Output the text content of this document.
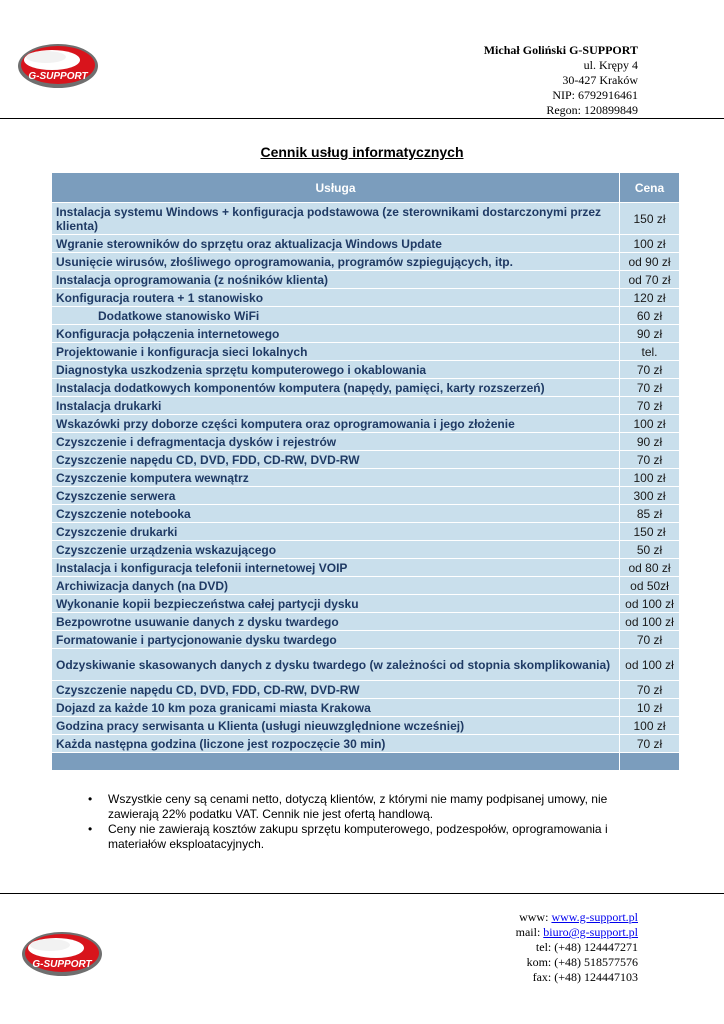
G-SUPPORT
Michał Goliński G-SUPPORT
ul. Krępy 4
30-427 Kraków
NIP: 6792916461
Regon: 120899849
Cennik usług informatycznych
Usługa	Cena
Instalacja systemu Windows + konfiguracja podstawowa (ze sterownikami dostarczonymi przez klienta)	150 zł
Wgranie sterowników do sprzętu oraz aktualizacja Windows Update	100 zł
Usunięcie wirusów, złośliwego oprogramowania, programów szpiegujących, itp.	od 90 zł
Instalacja oprogramowania (z nośników klienta)	od 70 zł
Konfiguracja routera + 1 stanowisko	120 zł
Dodatkowe stanowisko WiFi	60 zł
Konfiguracja połączenia internetowego	90 zł
Projektowanie i konfiguracja sieci lokalnych	tel.
Diagnostyka uszkodzenia sprzętu komputerowego i okablowania	70 zł
Instalacja dodatkowych komponentów komputera (napędy, pamięci, karty rozszerzeń)	70 zł
Instalacja drukarki	70 zł
Wskazówki przy doborze części komputera oraz oprogramowania i jego złożenie	100 zł
Czyszczenie i defragmentacja dysków i rejestrów	90 zł
Czyszczenie napędu CD, DVD, FDD, CD-RW, DVD-RW	70 zł
Czyszczenie komputera wewnątrz	100 zł
Czyszczenie serwera	300 zł
Czyszczenie notebooka	85 zł
Czyszczenie drukarki	150 zł
Czyszczenie urządzenia wskazującego	50 zł
Instalacja i konfiguracja telefonii internetowej VOIP	od 80 zł
Archiwizacja danych (na DVD)	od 50zł
Wykonanie kopii bezpieczeństwa całej partycji dysku	od 100 zł
Bezpowrotne usuwanie danych z dysku twardego	od 100 zł
Formatowanie i partycjonowanie dysku twardego	70 zł
Odzyskiwanie skasowanych danych z dysku twardego (w zależności od stopnia skomplikowania)	od 100 zł
Czyszczenie napędu CD, DVD, FDD, CD-RW, DVD-RW	70 zł
Dojazd za każde 10 km poza granicami miasta Krakowa	10 zł
Godzina pracy serwisanta u Klienta (usługi nieuwzględnione wcześniej)	100 zł
Każda następna godzina (liczone jest rozpoczęcie 30 min)	70 zł

• Wszystkie ceny są cenami netto, dotyczą klientów, z którymi nie mamy podpisanej umowy, nie zawierają 22% podatku VAT. Cennik nie jest ofertą handlową.
• Ceny nie zawierają kosztów zakupu sprzętu komputerowego, podzespołów, oprogramowania i materiałów eksploatacyjnych.
G-SUPPORT
www: www.g-support.pl
mail: biuro@g-support.pl
tel: (+48) 124447271
kom: (+48) 518577576
fax: (+48) 124447103
